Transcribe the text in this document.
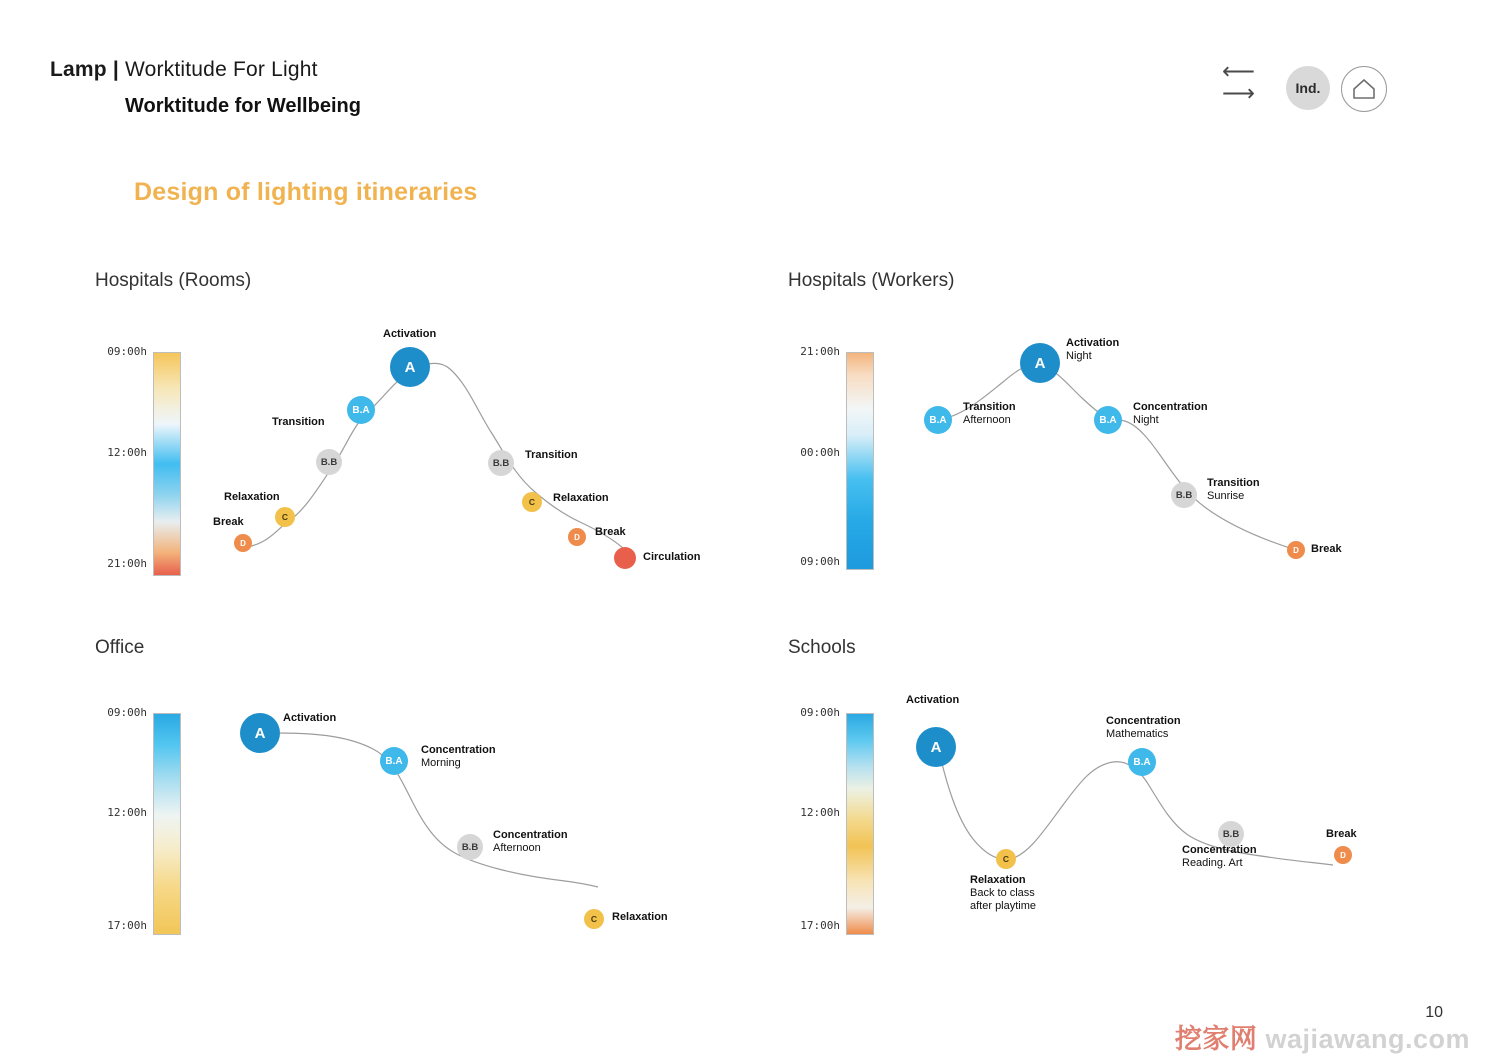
Lamp | Worktitude For Light
Worktitude for Wellbeing
⟵
⟶	Ind.
Design of lighting itineraries
Hospitals (Rooms)
09:00h
12:00h
21:00h
A
Activation
B.A
Transition
B.B
C
Relaxation
D
Break
B.B
Transition
C	Relaxation
D	Break
Circulation
Hospitals (Workers)
21:00h
00:00h
09:00h
B.A
Transition
Afternoon
A
Activation
Night
B.A
Concentration
Night
B.B
Transition
Sunrise
D	Break
Office
09:00h
12:00h
17:00h
A
Activation
B.A
Concentration
Morning
B.B
Concentration
Afternoon
C	Relaxation
Schools
09:00h
12:00h
17:00h
A
Activation
C
Relaxation
Back to class
after playtime
B.A
Concentration
Mathematics
B.B
Concentration
Reading. Art
D
Break
10
挖家网 wajiawang.com
